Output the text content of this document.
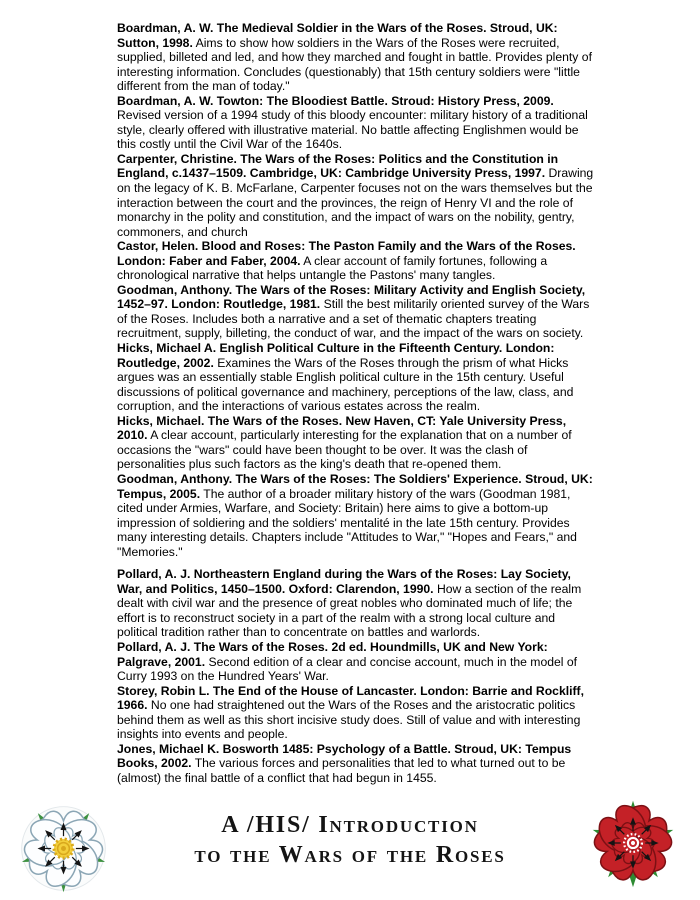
Boardman, A. W. The Medieval Soldier in the Wars of the Roses. Stroud, UK: Sutton, 1998. Aims to show how soldiers in the Wars of the Roses were recruited, supplied, billeted and led, and how they marched and fought in battle. Provides plenty of interesting information. Concludes (questionably) that 15th century soldiers were "little different from the man of today."

Boardman, A. W. Towton: The Bloodiest Battle. Stroud: History Press, 2009. Revised version of a 1994 study of this bloody encounter: military history of a traditional style, clearly offered with illustrative material. No battle affecting Englishmen would be this costly until the Civil War of the 1640s.

Carpenter, Christine. The Wars of the Roses: Politics and the Constitution in England, c.1437–1509. Cambridge, UK: Cambridge University Press, 1997. Drawing on the legacy of K. B. McFarlane, Carpenter focuses not on the wars themselves but the interaction between the court and the provinces, the reign of Henry VI and the role of monarchy in the polity and constitution, and the impact of wars on the nobility, gentry, commoners, and church

Castor, Helen. Blood and Roses: The Paston Family and the Wars of the Roses. London: Faber and Faber, 2004. A clear account of family fortunes, following a chronological narrative that helps untangle the Pastons' many tangles.

Goodman, Anthony. The Wars of the Roses: Military Activity and English Society, 1452–97. London: Routledge, 1981. Still the best militarily oriented survey of the Wars of the Roses. Includes both a narrative and a set of thematic chapters treating recruitment, supply, billeting, the conduct of war, and the impact of the wars on society.

Hicks, Michael A. English Political Culture in the Fifteenth Century. London: Routledge, 2002. Examines the Wars of the Roses through the prism of what Hicks argues was an essentially stable English political culture in the 15th century. Useful discussions of political governance and machinery, perceptions of the law, class, and corruption, and the interactions of various estates across the realm.

Hicks, Michael. The Wars of the Roses. New Haven, CT: Yale University Press, 2010. A clear account, particularly interesting for the explanation that on a number of occasions the "wars" could have been thought to be over. It was the clash of personalities plus such factors as the king's death that re-opened them.

Goodman, Anthony. The Wars of the Roses: The Soldiers' Experience. Stroud, UK: Tempus, 2005. The author of a broader military history of the wars (Goodman 1981, cited under Armies, Warfare, and Society: Britain) here aims to give a bottom-up impression of soldiering and the soldiers' mentalité in the late 15th century. Provides many interesting details. Chapters include "Attitudes to War," "Hopes and Fears," and "Memories."

Pollard, A. J. Northeastern England during the Wars of the Roses: Lay Society, War, and Politics, 1450–1500. Oxford: Clarendon, 1990. How a section of the realm dealt with civil war and the presence of great nobles who dominated much of life; the effort is to reconstruct society in a part of the realm with a strong local culture and political tradition rather than to concentrate on battles and warlords.

Pollard, A. J. The Wars of the Roses. 2d ed. Houndmills, UK and New York: Palgrave, 2001. Second edition of a clear and concise account, much in the model of Curry 1993 on the Hundred Years' War.

Storey, Robin L. The End of the House of Lancaster. London: Barrie and Rockliff, 1966. No one had straightened out the Wars of the Roses and the aristocratic politics behind them as well as this short incisive study does. Still of value and with interesting insights into events and people.

Jones, Michael K. Bosworth 1485: Psychology of a Battle. Stroud, UK: Tempus Books, 2002. The various forces and personalities that led to what turned out to be (almost) the final battle of a conflict that had begun in 1455.

A /HIS/ Introduction
to the Wars of the Roses
